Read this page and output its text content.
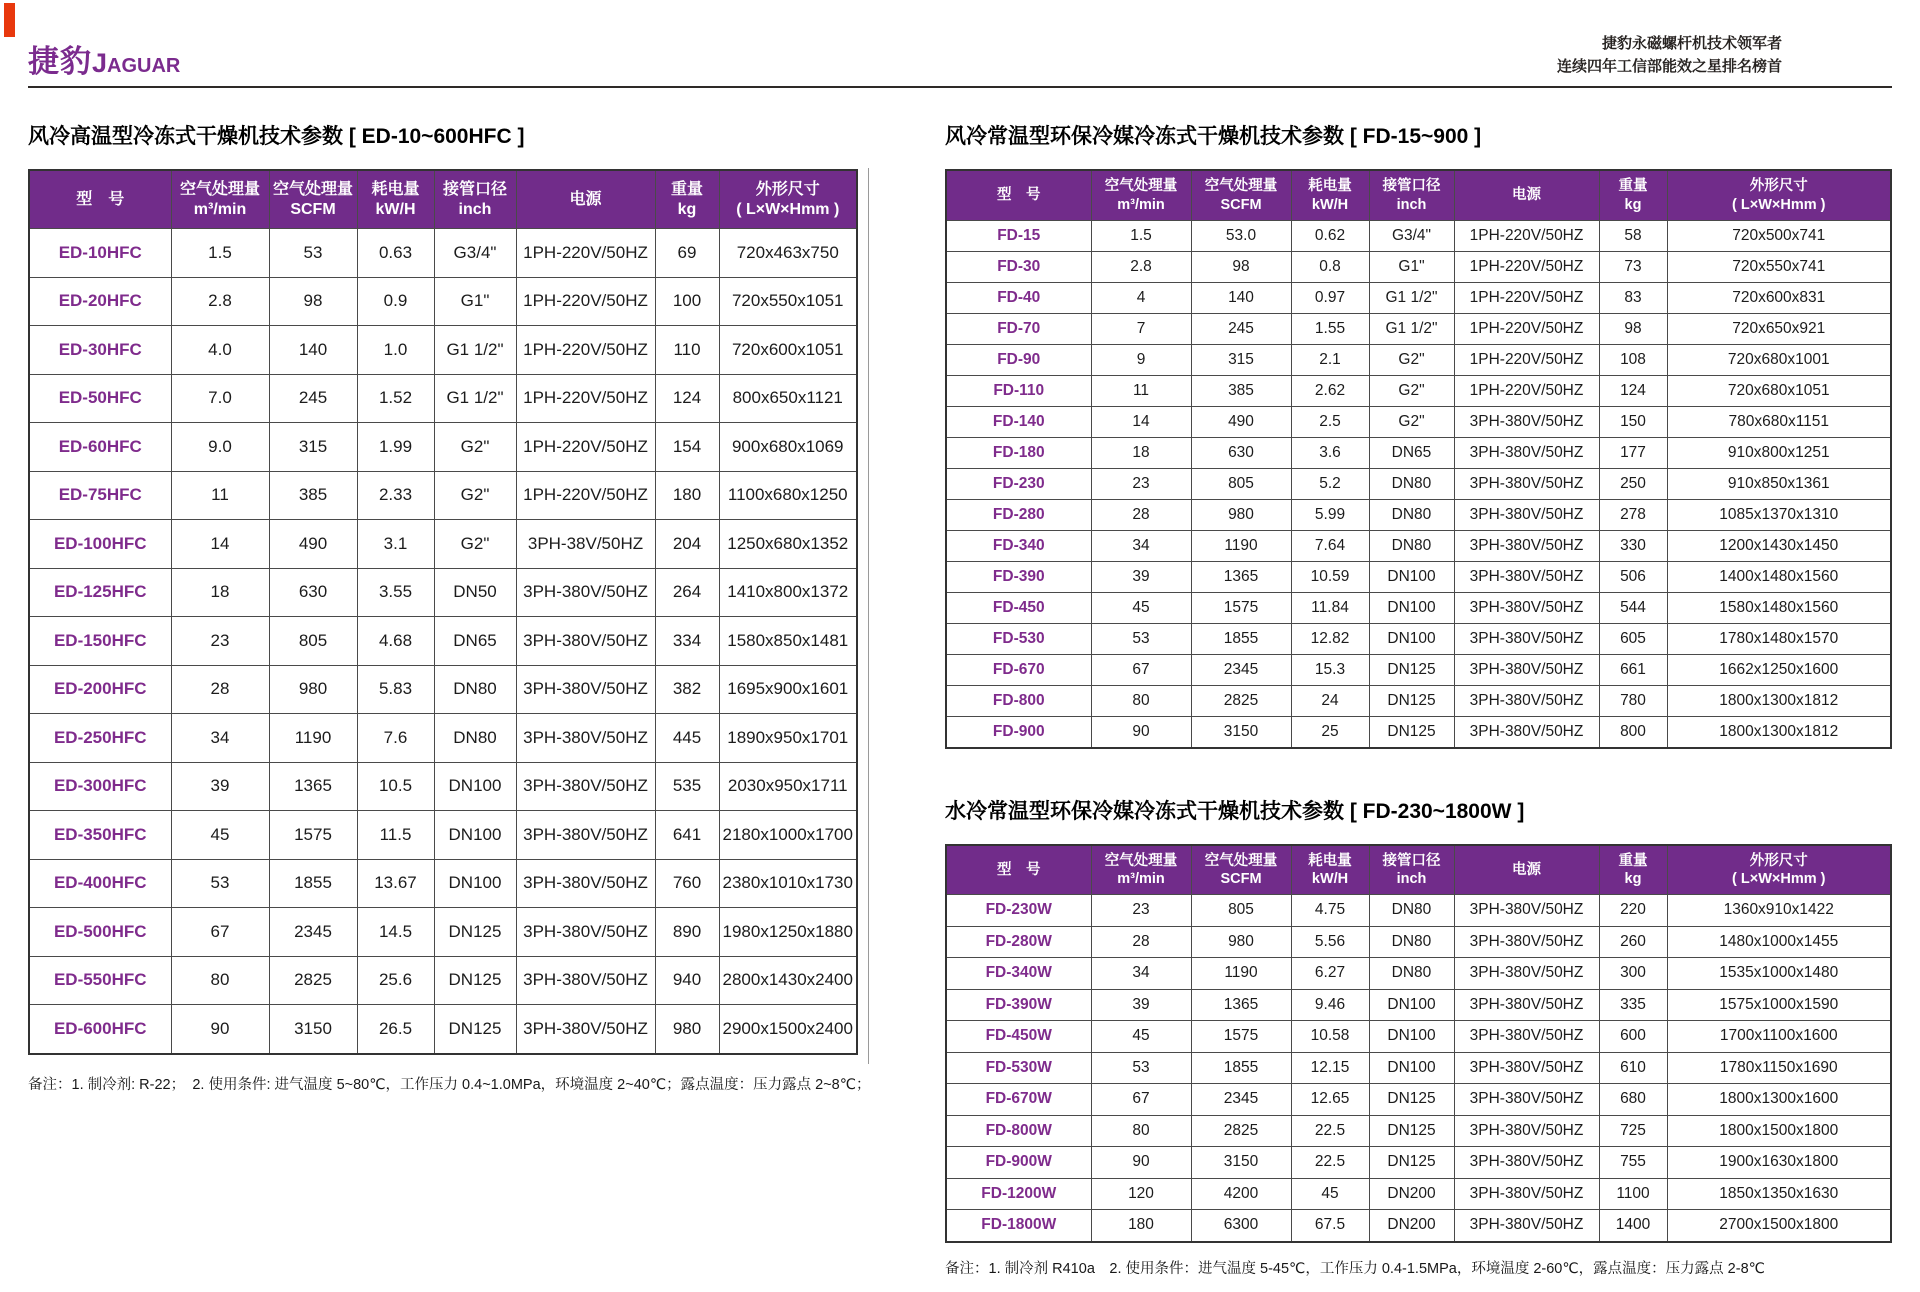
捷豹JAGUAR
捷豹永磁螺杆机技术领军者
连续四年工信部能效之星排名榜首
风冷高温型冷冻式干燥机技术参数 [ ED-10~600HFC ]
型　号

空气处理量
m³/min

空气处理量
SCFM

耗电量
kW/H

接管口径
inch

电源

重量
kg

外形尺寸
( L×W×Hmm )

ED-10HFC	1.5	53	0.63	G3/4"	1PH-220V/50HZ	69	720x463x750
ED-20HFC	2.8	98	0.9	G1"	1PH-220V/50HZ	100	720x550x1051
ED-30HFC	4.0	140	1.0	G1 1/2"	1PH-220V/50HZ	110	720x600x1051
ED-50HFC	7.0	245	1.52	G1 1/2"	1PH-220V/50HZ	124	800x650x1121
ED-60HFC	9.0	315	1.99	G2"	1PH-220V/50HZ	154	900x680x1069
ED-75HFC	11	385	2.33	G2"	1PH-220V/50HZ	180	1100x680x1250
ED-100HFC	14	490	3.1	G2"	3PH-38V/50HZ	204	1250x680x1352
ED-125HFC	18	630	3.55	DN50	3PH-380V/50HZ	264	1410x800x1372
ED-150HFC	23	805	4.68	DN65	3PH-380V/50HZ	334	1580x850x1481
ED-200HFC	28	980	5.83	DN80	3PH-380V/50HZ	382	1695x900x1601
ED-250HFC	34	1190	7.6	DN80	3PH-380V/50HZ	445	1890x950x1701
ED-300HFC	39	1365	10.5	DN100	3PH-380V/50HZ	535	2030x950x1711
ED-350HFC	45	1575	11.5	DN100	3PH-380V/50HZ	641	2180x1000x1700
ED-400HFC	53	1855	13.67	DN100	3PH-380V/50HZ	760	2380x1010x1730
ED-500HFC	67	2345	14.5	DN125	3PH-380V/50HZ	890	1980x1250x1880
ED-550HFC	80	2825	25.6	DN125	3PH-380V/50HZ	940	2800x1430x2400
ED-600HFC	90	3150	26.5	DN125	3PH-380V/50HZ	980	2900x1500x2400
备注：1. 制冷剂: R-22；　2. 使用条件: 进气温度 5~80℃，工作压力 0.4~1.0MPa，环境温度 2~40℃；露点温度：压力露点 2~8℃；
风冷常温型环保冷媒冷冻式干燥机技术参数 [ FD-15~900 ]
型　号

空气处理量
m³/min

空气处理量
SCFM

耗电量
kW/H

接管口径
inch

电源

重量
kg

外形尺寸
( L×W×Hmm )

FD-15	1.5	53.0	0.62	G3/4"	1PH-220V/50HZ	58	720x500x741
FD-30	2.8	98	0.8	G1"	1PH-220V/50HZ	73	720x550x741
FD-40	4	140	0.97	G1 1/2"	1PH-220V/50HZ	83	720x600x831
FD-70	7	245	1.55	G1 1/2"	1PH-220V/50HZ	98	720x650x921
FD-90	9	315	2.1	G2"	1PH-220V/50HZ	108	720x680x1001
FD-110	11	385	2.62	G2"	1PH-220V/50HZ	124	720x680x1051
FD-140	14	490	2.5	G2"	3PH-380V/50HZ	150	780x680x1151
FD-180	18	630	3.6	DN65	3PH-380V/50HZ	177	910x800x1251
FD-230	23	805	5.2	DN80	3PH-380V/50HZ	250	910x850x1361
FD-280	28	980	5.99	DN80	3PH-380V/50HZ	278	1085x1370x1310
FD-340	34	1190	7.64	DN80	3PH-380V/50HZ	330	1200x1430x1450
FD-390	39	1365	10.59	DN100	3PH-380V/50HZ	506	1400x1480x1560
FD-450	45	1575	11.84	DN100	3PH-380V/50HZ	544	1580x1480x1560
FD-530	53	1855	12.82	DN100	3PH-380V/50HZ	605	1780x1480x1570
FD-670	67	2345	15.3	DN125	3PH-380V/50HZ	661	1662x1250x1600
FD-800	80	2825	24	DN125	3PH-380V/50HZ	780	1800x1300x1812
FD-900	90	3150	25	DN125	3PH-380V/50HZ	800	1800x1300x1812
水冷常温型环保冷媒冷冻式干燥机技术参数 [ FD-230~1800W ]
型　号

空气处理量
m³/min

空气处理量
SCFM

耗电量
kW/H

接管口径
inch

电源

重量
kg

外形尺寸
( L×W×Hmm )

FD-230W	23	805	4.75	DN80	3PH-380V/50HZ	220	1360x910x1422
FD-280W	28	980	5.56	DN80	3PH-380V/50HZ	260	1480x1000x1455
FD-340W	34	1190	6.27	DN80	3PH-380V/50HZ	300	1535x1000x1480
FD-390W	39	1365	9.46	DN100	3PH-380V/50HZ	335	1575x1000x1590
FD-450W	45	1575	10.58	DN100	3PH-380V/50HZ	600	1700x1100x1600
FD-530W	53	1855	12.15	DN100	3PH-380V/50HZ	610	1780x1150x1690
FD-670W	67	2345	12.65	DN125	3PH-380V/50HZ	680	1800x1300x1600
FD-800W	80	2825	22.5	DN125	3PH-380V/50HZ	725	1800x1500x1800
FD-900W	90	3150	22.5	DN125	3PH-380V/50HZ	755	1900x1630x1800
FD-1200W	120	4200	45	DN200	3PH-380V/50HZ	1100	1850x1350x1630
FD-1800W	180	6300	67.5	DN200	3PH-380V/50HZ	1400	2700x1500x1800
备注：1. 制冷剂 R410a　2. 使用条件：进气温度 5-45℃，工作压力 0.4-1.5MPa，环境温度 2-60℃，露点温度：压力露点 2-8℃
